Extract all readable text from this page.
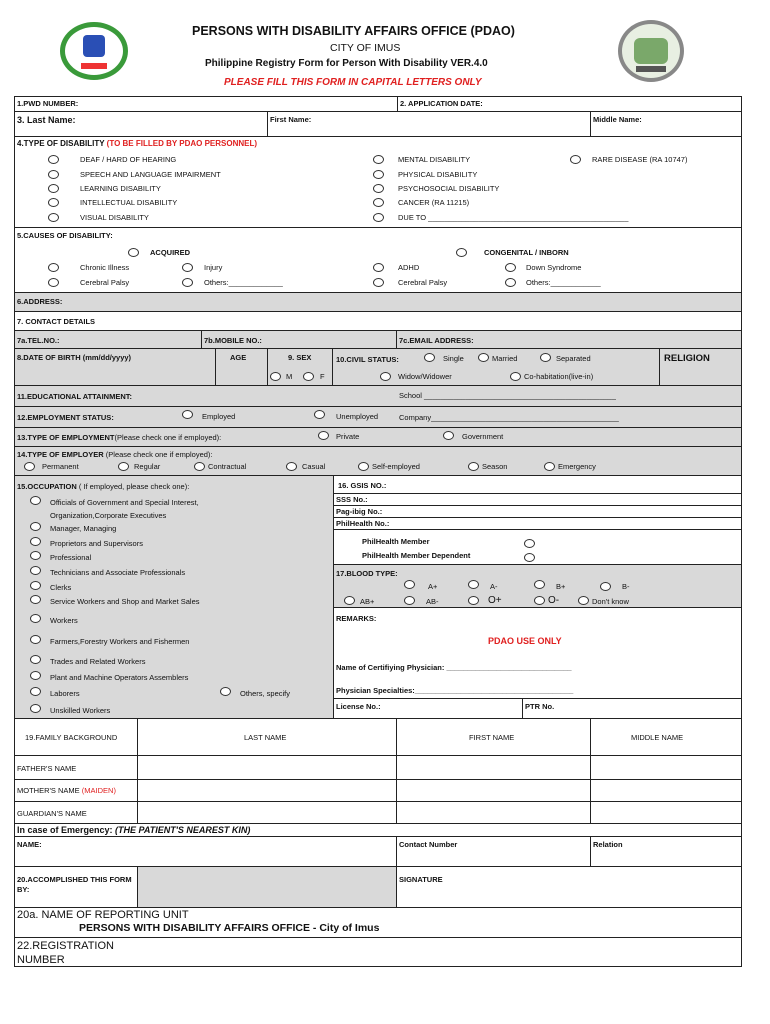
PERSONS WITH DISABILITY AFFAIRS OFFICE (PDAO)
CITY OF IMUS
Philippine Registry Form for Person With Disability VER.4.0
PLEASE FILL THIS FORM IN CAPITAL LETTERS ONLY
1.PWD NUMBER:	2. APPLICATION DATE:
3. Last Name:	First Name:	Middle Name:
4.TYPE OF DISABILITY (TO BE FILLED BY PDAO PERSONNEL)
DEAF / HARD OF HEARING
SPEECH AND LANGUAGE IMPAIRMENT
LEARNING DISABILITY
INTELLECTUAL DISABILITY
VISUAL DISABILITY
MENTAL DISABILITY
PHYSICAL DISABILITY
PSYCHOSOCIAL DISABILITY
CANCER (RA 11215)
DUE TO ________________________________________________
RARE DISEASE (RA 10747)
5.CAUSES OF DISABILITY:
ACQUIRED	CONGENITAL / INBORN
Chronic Illness	Injury	ADHD	Down Syndrome
Cerebral Palsy	Others:_____________	Cerebral Palsy	Others:____________
6.ADDRESS:
7. CONTACT DETAILS
7a.TEL.NO.:	7b.MOBILE NO.:	7c.EMAIL ADDRESS:
8.DATE OF BIRTH (mm/dd/yyyy)	AGE	9. SEX
M	F
10.CIVIL STATUS:	Single	Married	Separated
Widow/Widower	Co-habitation(live-in)
RELIGION
11.EDUCATIONAL ATTAINMENT:	School ______________________________________________
12.EMPLOYMENT STATUS:	Company_____________________________________________
Employed	Unemployed
13.TYPE OF EMPLOYMENT(Please check one if employed):	Private	Government
14.TYPE OF EMPLOYER (Please check one if employed):
Permanent	Regular	Contractual	Casual	Self-employed	Season	Emergency
15.OCCUPATION ( If employed, please check one):
Officials of Government and Special Interest,
Organization,Corporate Executives
Manager, Managing
Proprietors and Supervisors
Professional
Technicians and Associate Professionals
Clerks
Service Workers and Shop and Market Sales
Workers
Farmers,Forestry Workers and Fishermen
Trades and Related Workers
Plant and Machine Operators Assemblers
Laborers	Others, specify
Unskilled Workers
16. GSIS NO.:
SSS No.:
Pag-ibig No.:
PhilHealth No.:
PhilHealth Member
PhilHealth Member Dependent
17.BLOOD TYPE:
A+	A-	B+	B-
AB+	AB-	O+	O-	Don't know
REMARKS:
PDAO USE ONLY
Name of Certifiying Physician: ______________________________
Physician Specialties:______________________________________
License No.:	PTR No.
19.FAMILY BACKGROUND	LAST NAME	FIRST NAME	MIDDLE NAME
FATHER'S NAME
MOTHER'S NAME (MAIDEN)
GUARDIAN'S NAME
In case of Emergency: (THE PATIENT'S NEAREST KIN)
NAME:	Contact Number	Relation
20.ACCOMPLISHED THIS FORM BY:
SIGNATURE
20a. NAME OF REPORTING UNIT
PERSONS WITH DISABILITY AFFAIRS OFFICE - City of Imus
22.REGISTRATION NUMBER
